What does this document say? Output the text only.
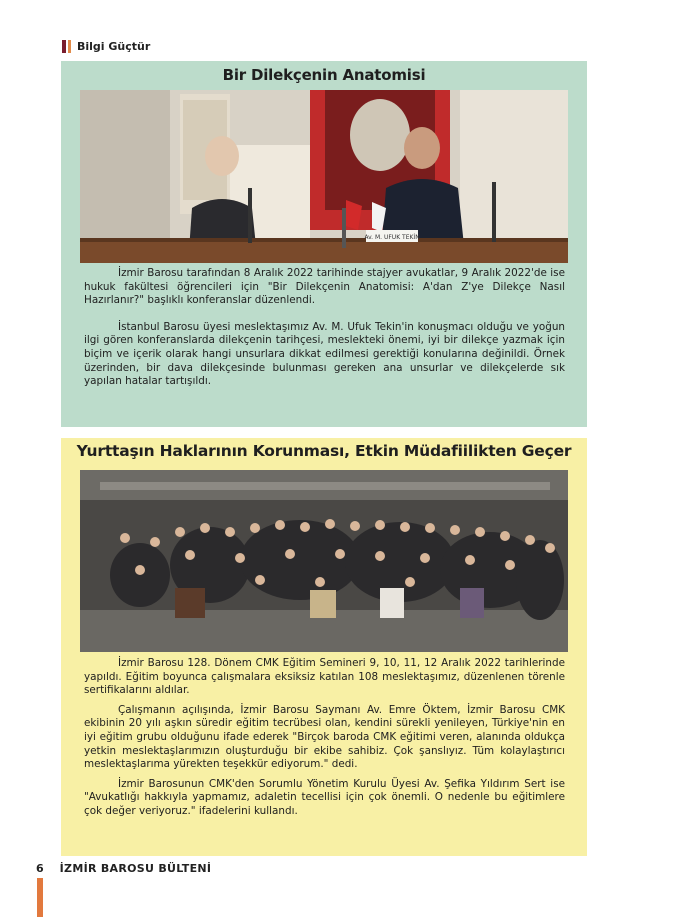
Bilgi Güçtür
Bir Dilekçenin Anatomisi
Av. M. UFUK TEKİN

İzmir Barosu tarafından 8 Aralık 2022 tarihinde stajyer avukatlar, 9 Aralık 2022'de ise hukuk fakültesi öğrencileri için "Bir Dilekçenin Anatomisi: A'dan Z'ye Dilekçe Nasıl Hazırlanır?" başlıklı konferanslar düzenlendi.

İstanbul Barosu üyesi meslektaşımız Av. M. Ufuk Tekin'in konuşmacı olduğu ve yoğun ilgi gören konferanslarda dilekçenin tarihçesi, meslekteki önemi, iyi bir dilekçe yazmak için biçim ve içerik olarak hangi unsurlara dikkat edilmesi gerektiği konularına değinildi. Örnek üzerinden, bir dava dilekçesinde bulunması gereken ana unsurlar ve dilekçelerde sık yapılan hatalar tartışıldı.

Yurttaşın Haklarının Korunması, Etkin Müdafiilikten Geçer

İzmir Barosu 128. Dönem CMK Eğitim Semineri 9, 10, 11, 12 Aralık 2022 tarihlerinde yapıldı. Eğitim boyunca çalışmalara eksiksiz katılan 108 meslektaşımız, düzenlenen törenle sertifikalarını aldılar.

Çalışmanın açılışında, İzmir Barosu Saymanı Av. Emre Öktem, İzmir Barosu CMK ekibinin 20 yılı aşkın süredir eğitim tecrübesi olan, kendini sürekli yenileyen, Türkiye'nin en iyi eğitim grubu olduğunu ifade ederek "Birçok baroda CMK eğitimi veren, alanında oldukça yetkin meslektaşlarımızın oluşturduğu bir ekibe sahibiz. Çok şanslıyız. Tüm kolaylaştırıcı meslektaşlarıma yürekten teşekkür ediyorum." dedi.

İzmir Barosunun CMK'den Sorumlu Yönetim Kurulu Üyesi Av. Şefika Yıldırım Sert ise "Avukatlığı hakkıyla yapmamız, adaletin tecellisi için çok önemli. O nedenle bu eğitimlere çok değer veriyoruz." ifadelerini kullandı.

6 İZMİR BAROSU BÜLTENİ
